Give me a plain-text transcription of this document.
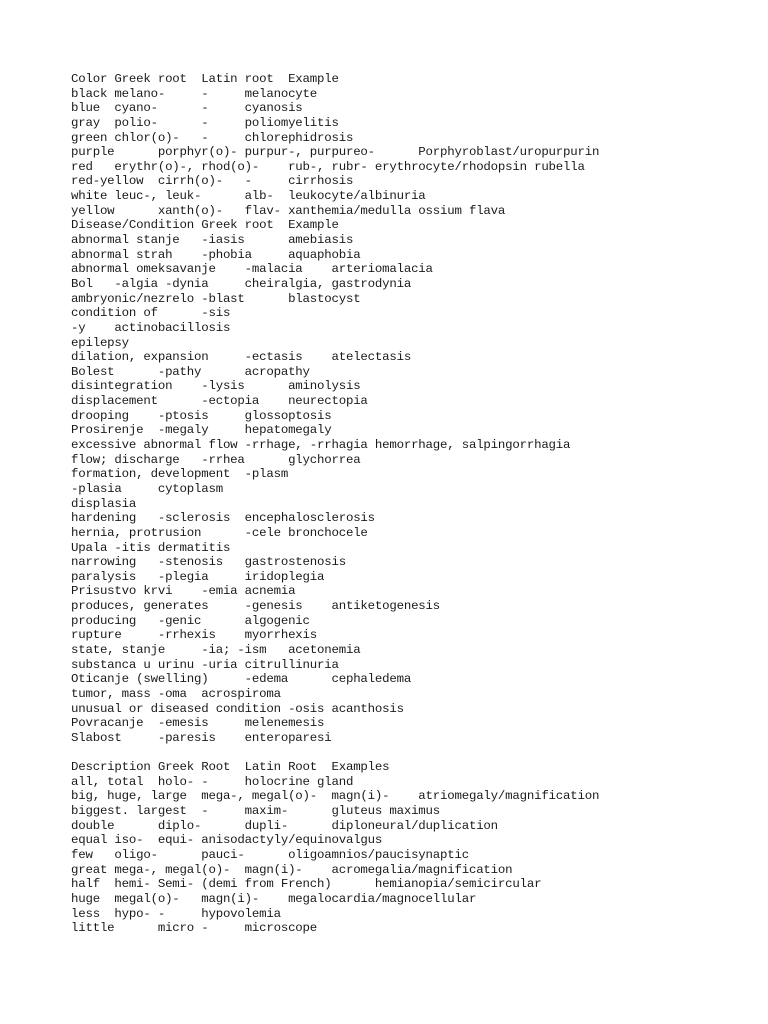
Color Greek root  Latin root  Example
black melano-     -     melanocyte
blue  cyano-      -     cyanosis
gray  polio-      -     poliomyelitis
green chlor(o)-   -     chlorephidrosis
purple      porphyr(o)- purpur-, purpureo-      Porphyroblast/uropurpurin
red   erythr(o)-, rhod(o)-    rub-, rubr- erythrocyte/rhodopsin rubella
red-yellow  cirrh(o)-   -     cirrhosis
white leuc-, leuk-      alb-  leukocyte/albinuria
yellow      xanth(o)-   flav- xanthemia/medulla ossium flava
Disease/Condition Greek root  Example
abnormal stanje   -iasis      amebiasis
abnormal strah    -phobia     aquaphobia
abnormal omeksavanje    -malacia    arteriomalacia
Bol   -algia -dynia     cheiralgia, gastrodynia
ambryonic/nezrelo -blast      blastocyst
condition of      -sis
-y    actinobacillosis
epilepsy
dilation, expansion     -ectasis    atelectasis
Bolest      -pathy      acropathy
disintegration    -lysis      aminolysis
displacement      -ectopia    neurectopia
drooping    -ptosis     glossoptosis
Prosirenje  -megaly     hepatomegaly
excessive abnormal flow -rrhage, -rrhagia hemorrhage, salpingorrhagia
flow; discharge   -rrhea      glychorrea
formation, development  -plasm
-plasia     cytoplasm
displasia
hardening   -sclerosis  encephalosclerosis
hernia, protrusion      -cele bronchocele
Upala -itis dermatitis
narrowing   -stenosis   gastrostenosis
paralysis   -plegia     iridoplegia
Prisustvo krvi    -emia acnemia
produces, generates     -genesis    antiketogenesis
producing   -genic      algogenic
rupture     -rrhexis    myorrhexis
state, stanje     -ia; -ism   acetonemia
substanca u urinu -uria citrullinuria
Oticanje (swelling)     -edema      cephaledema
tumor, mass -oma  acrospiroma
unusual or diseased condition -osis acanthosis
Povracanje  -emesis     melenemesis
Slabost     -paresis    enteroparesi
Description Greek Root  Latin Root  Examples
all, total  holo- -     holocrine gland
big, huge, large  mega-, megal(o)-  magn(i)-    atriomegaly/magnification
biggest. largest  -     maxim-      gluteus maximus
double      diplo-      dupli-      diploneural/duplication
equal iso-  equi- anisodactyly/equinovalgus
few   oligo-      pauci-      oligoamnios/paucisynaptic
great mega-, megal(o)-  magn(i)-    acromegalia/magnification
half  hemi- Semi- (demi from French)      hemianopia/semicircular
huge  megal(o)-   magn(i)-    megalocardia/magnocellular
less  hypo- -     hypovolemia
little      micro -     microscope
